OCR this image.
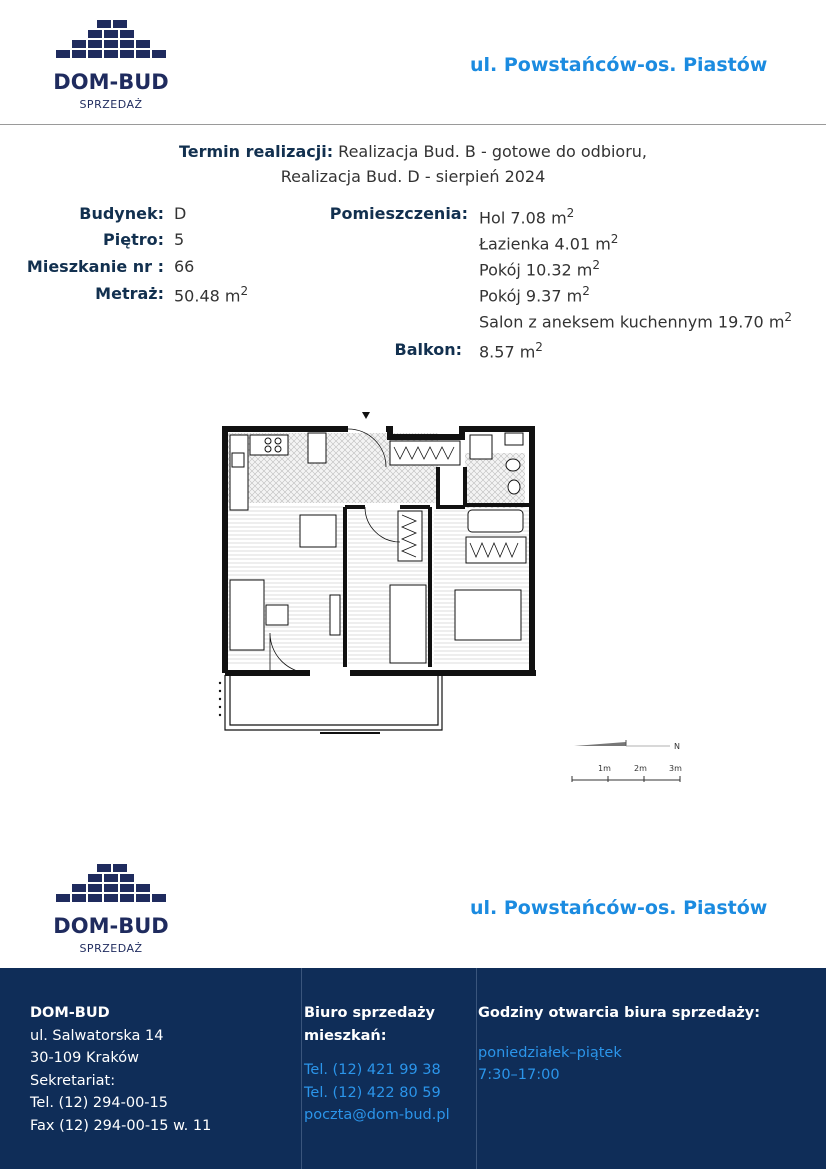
DOM-BUD
SPRZEDAŻ
ul. Powstańców-os. Piastów
Termin realizacji: Realizacja Bud. B - gotowe do odbioru,
Realizacja Bud. D - sierpień 2024
Budynek: D
Piętro: 5
Mieszkanie nr : 66
Metraż: 50.48 $m^2$
Pomieszczenia: Hol 7.08 $m^2$
Łazienka 4.01 $m^2$
Pokój 10.32 $m^2$
Pokój 9.37 $m^2$
Salon z aneksem kuchennym 19.70 $m^2$
Balkon: 8.57 $m^2$
N
1m	2m	3m
DOM-BUD
SPRZEDAŻ
ul. Powstańców-os. Piastów
DOM-BUD
ul. Salwatorska 14
30-109 Kraków
Sekretariat:
Tel. (12) 294-00-15
Fax (12) 294-00-15 w. 11
Biuro sprzedaży
mieszkań:
Tel. (12) 421 99 38
Tel. (12) 422 80 59
poczta@dom-bud.pl
Godziny otwarcia biura sprzedaży:
poniedziałek–piątek
7:30–17:00
